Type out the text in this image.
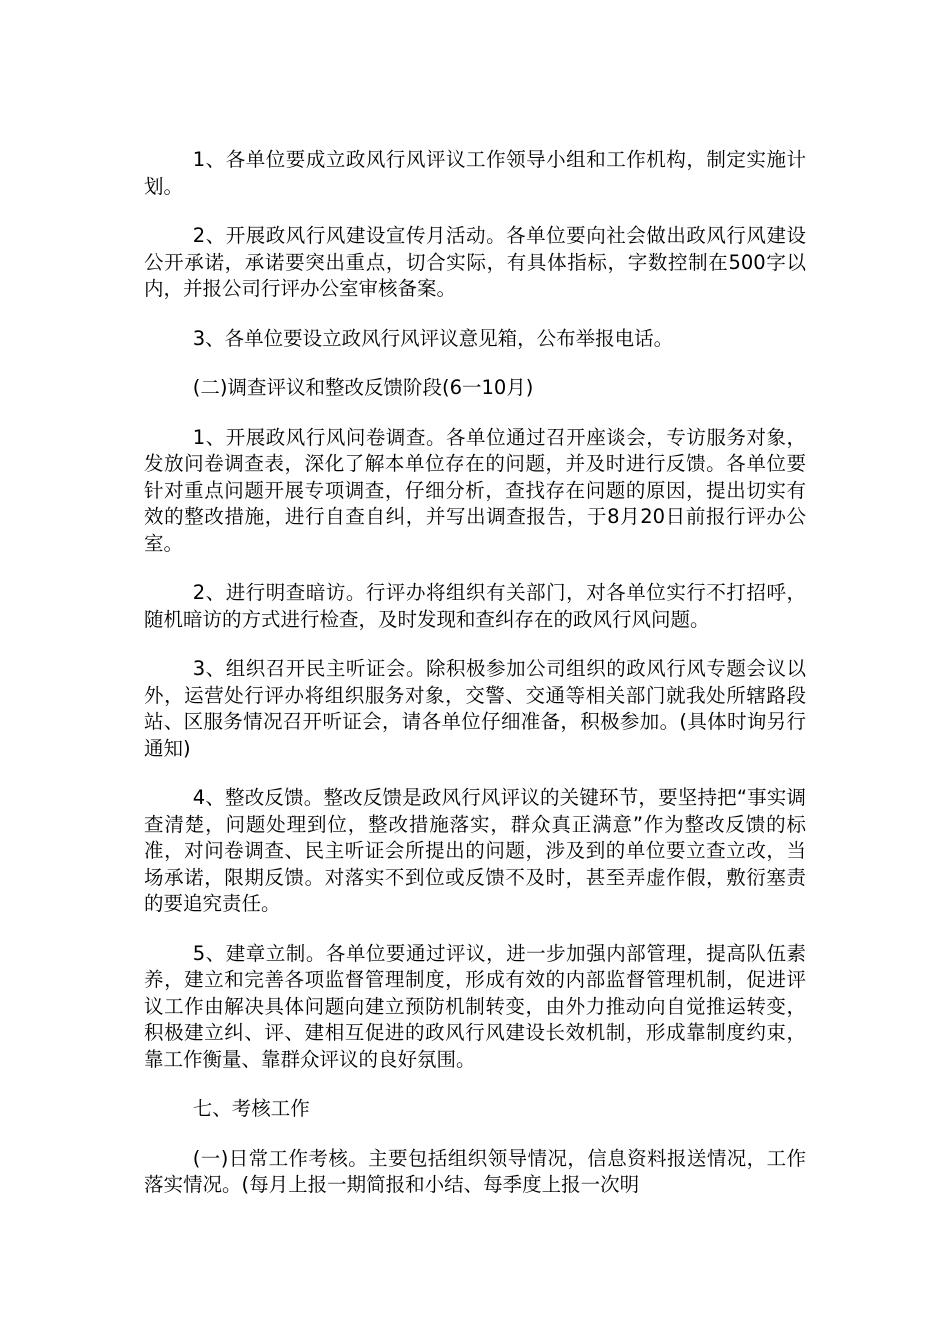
1、各单位要成立政风行风评议工作领导小组和工作机构，制定实施计划。

2、开展政风行风建设宣传月活动。各单位要向社会做出政风行风建设公开承诺，承诺要突出重点，切合实际，有具体指标，字数控制在500字以内，并报公司行评办公室审核备案。

3、各单位要设立政风行风评议意见箱，公布举报电话。

(二)调查评议和整改反馈阶段(6一10月)

1、开展政风行风问卷调查。各单位通过召开座谈会，专访服务对象，发放问卷调查表，深化了解本单位存在的问题，并及时进行反馈。各单位要针对重点问题开展专项调查，仔细分析，查找存在问题的原因，提出切实有效的整改措施，进行自查自纠，并写出调查报告，于8月20日前报行评办公室。

2、进行明查暗访。行评办将组织有关部门，对各单位实行不打招呼，随机暗访的方式进行检查，及时发现和查纠存在的政风行风问题。

3、组织召开民主听证会。除积极参加公司组织的政风行风专题会议以外，运营处行评办将组织服务对象，交警、交通等相关部门就我处所辖路段站、区服务情况召开听证会，请各单位仔细准备，积极参加。(具体时询另行通知)

4、整改反馈。整改反馈是政风行风评议的关键环节，要坚持把“事实调查清楚，问题处理到位，整改措施落实，群众真正满意”作为整改反馈的标准，对问卷调查、民主听证会所提出的问题，涉及到的单位要立查立改，当场承诺，限期反馈。对落实不到位或反馈不及时，甚至弄虚作假，敷衍塞责的要追究责任。

5、建章立制。各单位要通过评议，进一步加强内部管理，提高队伍素养，建立和完善各项监督管理制度，形成有效的内部监督管理机制，促进评议工作由解决具体问题向建立预防机制转变，由外力推动向自觉推运转变，积极建立纠、评、建相互促进的政风行风建设长效机制，形成靠制度约束，靠工作衡量、靠群众评议的良好氛围。

七、考核工作

(一)日常工作考核。主要包括组织领导情况，信息资料报送情况，工作落实情况。(每月上报一期简报和小结、每季度上报一次明
